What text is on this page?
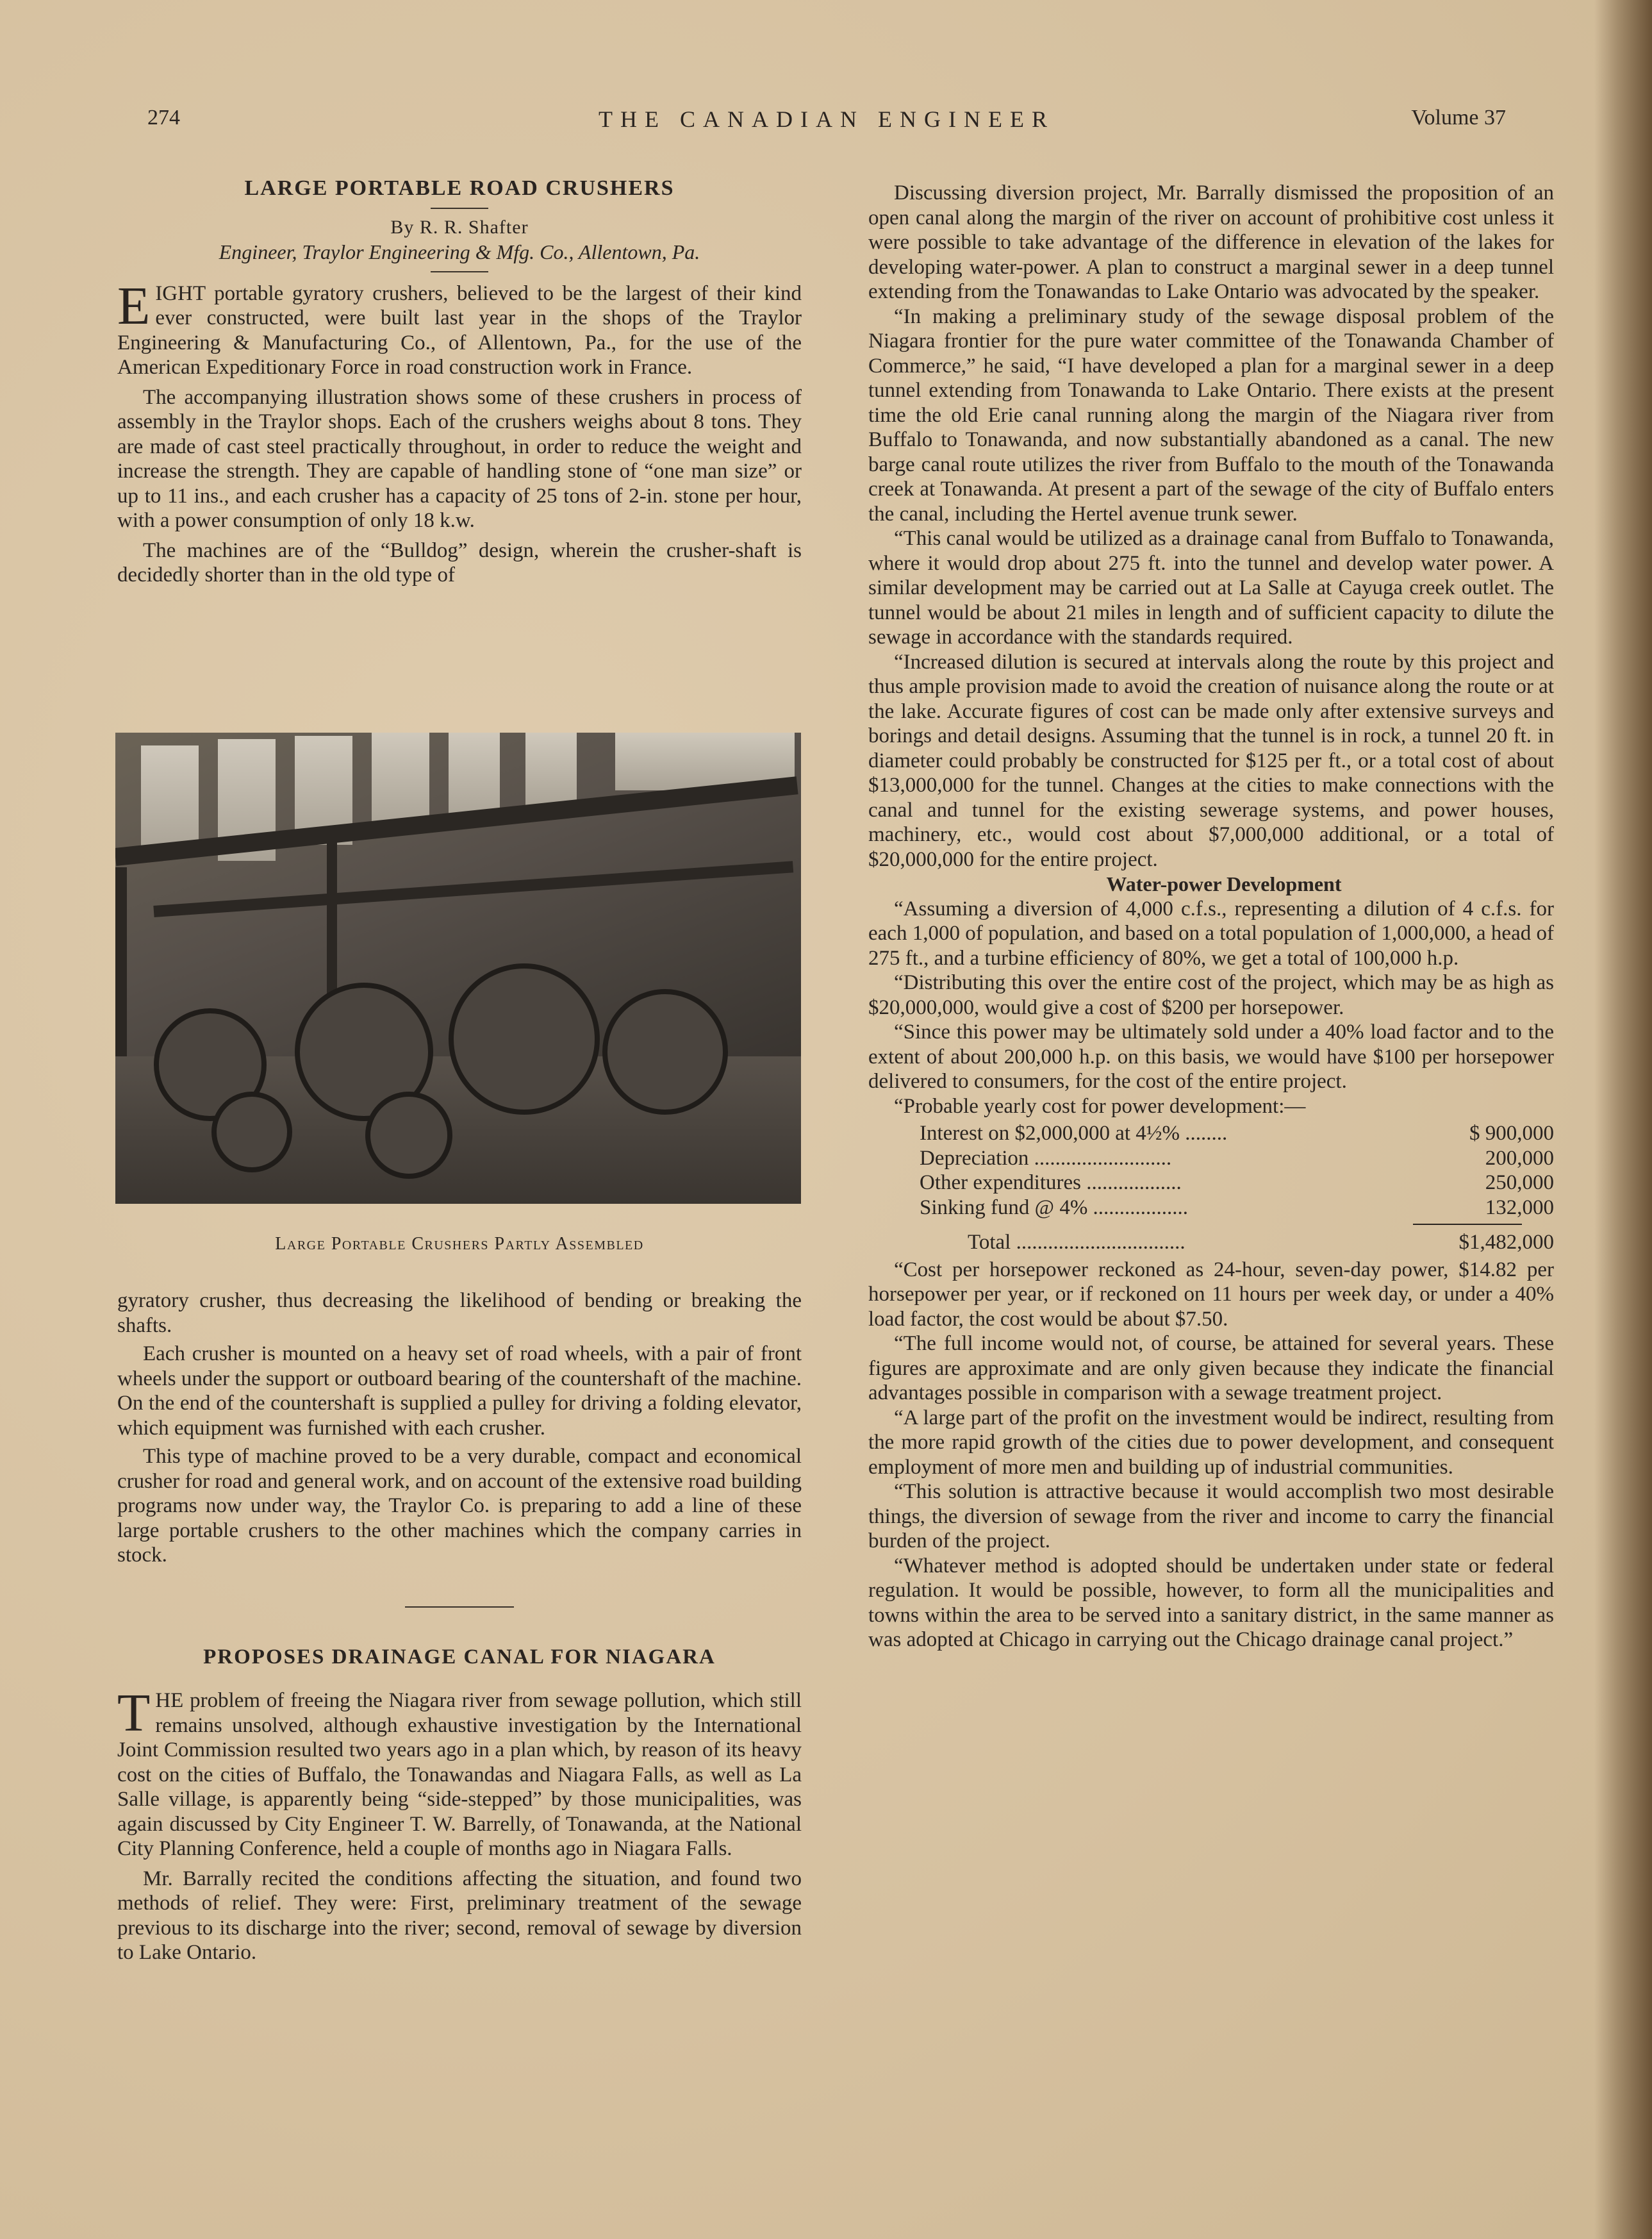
274	THE CANADIAN ENGINEER	Volume 37
LARGE PORTABLE ROAD CRUSHERS

By R. R. Shafter

Engineer, Traylor Engineering & Mfg. Co., Allentown, Pa.

EIGHT portable gyratory crushers, believed to be the largest of their kind ever constructed, were built last year in the shops of the Traylor Engineering & Manufacturing Co., of Allentown, Pa., for the use of the American Expeditionary Force in road construction work in France.

The accompanying illustration shows some of these crushers in process of assembly in the Traylor shops. Each of the crushers weighs about 8 tons. They are made of cast steel practically throughout, in order to reduce the weight and increase the strength. They are capable of handling stone of “one man size” or up to 11 ins., and each crusher has a capacity of 25 tons of 2-in. stone per hour, with a power consumption of only 18 k.w.

The machines are of the “Bulldog” design, wherein the crusher-shaft is decidedly shorter than in the old type of

Large Portable Crushers Partly Assembled

gyratory crusher, thus decreasing the likelihood of bending or breaking the shafts.

Each crusher is mounted on a heavy set of road wheels, with a pair of front wheels under the support or outboard bearing of the countershaft of the machine. On the end of the countershaft is supplied a pulley for driving a folding elevator, which equipment was furnished with each crusher.

This type of machine proved to be a very durable, compact and economical crusher for road and general work, and on account of the extensive road building programs now under way, the Traylor Co. is preparing to add a line of these large portable crushers to the other machines which the company carries in stock.

PROPOSES DRAINAGE CANAL FOR NIAGARA

THE problem of freeing the Niagara river from sewage pollution, which still remains unsolved, although exhaustive investigation by the International Joint Commission resulted two years ago in a plan which, by reason of its heavy cost on the cities of Buffalo, the Tonawandas and Niagara Falls, as well as La Salle village, is apparently being “side-stepped” by those municipalities, was again discussed by City Engineer T. W. Barrelly, of Tonawanda, at the National City Planning Conference, held a couple of months ago in Niagara Falls.

Mr. Barrally recited the conditions affecting the situation, and found two methods of relief. They were: First, preliminary treatment of the sewage previous to its discharge into the river; second, removal of sewage by diversion to Lake Ontario.

Discussing diversion project, Mr. Barrally dismissed the proposition of an open canal along the margin of the river on account of prohibitive cost unless it were possible to take advantage of the difference in elevation of the lakes for developing water-power. A plan to construct a marginal sewer in a deep tunnel extending from the Tonawandas to Lake Ontario was advocated by the speaker.

“In making a preliminary study of the sewage disposal problem of the Niagara frontier for the pure water committee of the Tonawanda Chamber of Commerce,” he said, “I have developed a plan for a marginal sewer in a deep tunnel extending from Tonawanda to Lake Ontario. There exists at the present time the old Erie canal running along the margin of the Niagara river from Buffalo to Tonawanda, and now substantially abandoned as a canal. The new barge canal route utilizes the river from Buffalo to the mouth of the Tonawanda creek at Tonawanda. At present a part of the sewage of the city of Buffalo enters the canal, including the Hertel avenue trunk sewer.

“This canal would be utilized as a drainage canal from Buffalo to Tonawanda, where it would drop about 275 ft. into the tunnel and develop water power. A similar development may be carried out at La Salle at Cayuga creek outlet. The tunnel would be about 21 miles in length and of sufficient capacity to dilute the sewage in accordance with the standards required.

“Increased dilution is secured at intervals along the route by this project and thus ample provision made to avoid the creation of nuisance along the route or at the lake. Accurate figures of cost can be made only after extensive surveys and borings and detail designs. Assuming that the tunnel is in rock, a tunnel 20 ft. in diameter could probably be constructed for $125 per ft., or a total cost of about $13,000,000 for the tunnel. Changes at the cities to make connections with the canal and tunnel for the existing sewerage systems, and power houses, machinery, etc., would cost about $7,000,000 additional, or a total of $20,000,000 for the entire project.

Water-power Development

“Assuming a diversion of 4,000 c.f.s., representing a dilution of 4 c.f.s. for each 1,000 of population, and based on a total population of 1,000,000, a head of 275 ft., and a turbine efficiency of 80%, we get a total of 100,000 h.p.

“Distributing this over the entire cost of the project, which may be as high as $20,000,000, would give a cost of $200 per horsepower.

“Since this power may be ultimately sold under a 40% load factor and to the extent of about 200,000 h.p. on this basis, we would have $100 per horsepower delivered to consumers, for the cost of the entire project.

“Probable yearly cost for power development:—

Interest on $2,000,000 at 4½% ........	$ 900,000
Depreciation ..........................	200,000
Other expenditures ..................	250,000
Sinking fund @ 4% ..................	132,000
Total ................................	$1,482,000

“Cost per horsepower reckoned as 24-hour, seven-day power, $14.82 per horsepower per year, or if reckoned on 11 hours per week day, or under a 40% load factor, the cost would be about $7.50.

“The full income would not, of course, be attained for several years. These figures are approximate and are only given because they indicate the financial advantages possible in comparison with a sewage treatment project.

“A large part of the profit on the investment would be indirect, resulting from the more rapid growth of the cities due to power development, and consequent employment of more men and building up of industrial communities.

“This solution is attractive because it would accomplish two most desirable things, the diversion of sewage from the river and income to carry the financial burden of the project.

“Whatever method is adopted should be undertaken under state or federal regulation. It would be possible, however, to form all the municipalities and towns within the area to be served into a sanitary district, in the same manner as was adopted at Chicago in carrying out the Chicago drainage canal project.”
